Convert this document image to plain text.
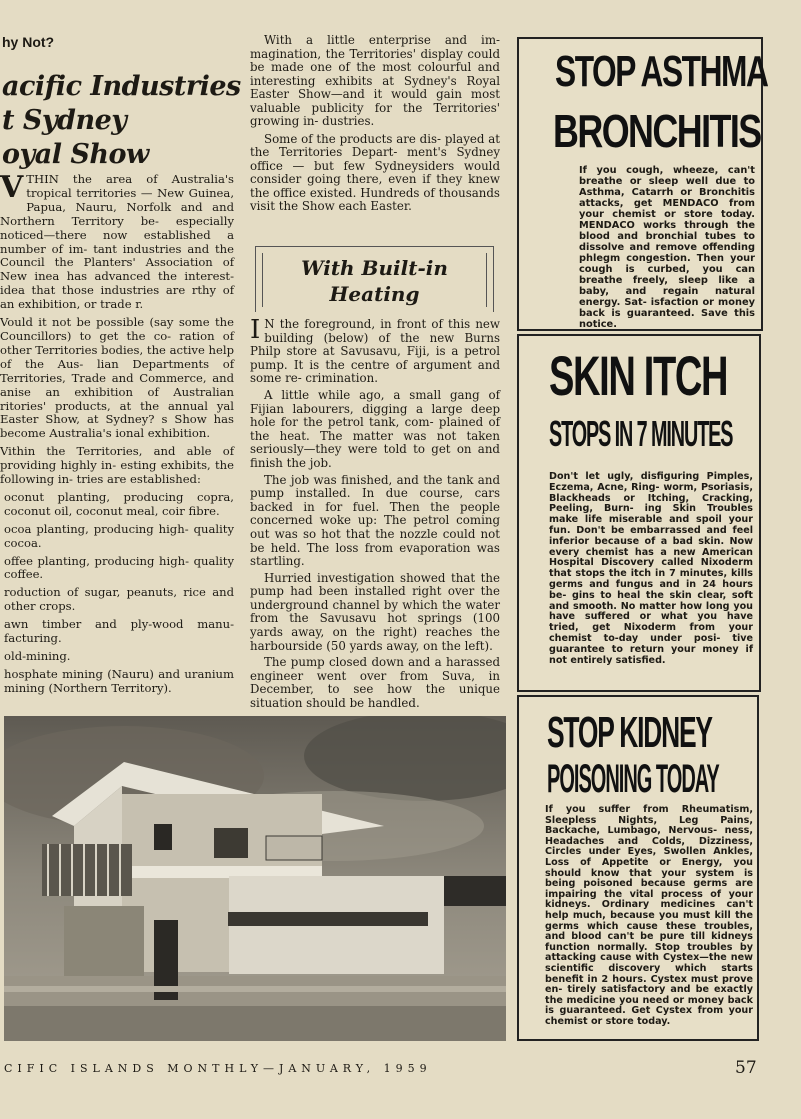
hy Not?
acific Industries
t Sydney
oyal Show

VTHIN the area of Australia's tropical territories — New Guinea, Papua, Nauru, Norfolk and and Northern Territory be- especially noticed—there now established a number of im- tant industries and the Council the Planters' Association of New inea has advanced the interest- idea that those industries are rthy of an exhibition, or trade r.

Vould it not be possible (say some the Councillors) to get the co- ration of other Territories bodies, the active help of the Aus- lian Departments of Territories, Trade and Commerce, and anise an exhibition of Australian ritories' products, at the annual yal Easter Show, at Sydney? s Show has become Australia's ional exhibition.

Vithin the Territories, and able of providing highly in- esting exhibits, the following in- tries are established:

oconut planting, producing copra, coconut oil, coconut meal, coir fibre.

ocoa planting, producing high- quality cocoa.

offee planting, producing high- quality coffee.

roduction of sugar, peanuts, rice and other crops.

awn timber and ply-wood manu- facturing.

old-mining.

hosphate mining (Nauru) and uranium mining (Northern Territory).

With a little enterprise and im- magination, the Territories' display could be made one of the most colourful and interesting exhibits at Sydney's Royal Easter Show—and it would gain most valuable publicity for the Territories' growing in- dustries.

Some of the products are dis- played at the Territories Depart- ment's Sydney office — but few Sydneysiders would consider going there, even if they knew the office existed. Hundreds of thousands visit the Show each Easter.

With Built-in
Heating

I N the foreground, in front of this new building (below) of the new Burns Philp store at Savusavu, Fiji, is a petrol pump. It is the centre of argument and some re- crimination.

A little while ago, a small gang of Fijian labourers, digging a large deep hole for the petrol tank, com- plained of the heat. The matter was not taken seriously—they were told to get on and finish the job.

The job was finished, and the tank and pump installed. In due course, cars backed in for fuel. Then the people concerned woke up: The petrol coming out was so hot that the nozzle could not be held. The loss from evaporation was startling.

Hurried investigation showed that the pump had been installed right over the underground channel by which the water from the Savusavu hot springs (100 yards away, on the right) reaches the harbourside (50 yards away, on the left).

The pump closed down and a harassed engineer went over from Suva, in December, to see how the unique situation should be handled.

STOP ASTHMA
BRONCHITIS
If you cough, wheeze, can't breathe or sleep well due to Asthma, Catarrh or Bronchitis attacks, get MENDACO from your chemist or store today. MENDACO works through the blood and bronchial tubes to dissolve and remove offending phlegm congestion. Then your cough is curbed, you can breathe freely, sleep like a baby, and regain natural energy. Sat- isfaction or money back is guaranteed. Save this notice.
SKIN ITCH
STOPS IN 7 MINUTES
Don't let ugly, disfiguring Pimples, Eczema, Acne, Ring- worm, Psoriasis, Blackheads or Itching, Cracking, Peeling, Burn- ing Skin Troubles make life miserable and spoil your fun. Don't be embarrassed and feel inferior because of a bad skin. Now every chemist has a new American Hospital Discovery called Nixoderm that stops the itch in 7 minutes, kills germs and fungus and in 24 hours be- gins to heal the skin clear, soft and smooth. No matter how long you have suffered or what you have tried, get Nixoderm from your chemist to-day under posi- tive guarantee to return your money if not entirely satisfied.
STOP KIDNEY
POISONING TODAY
If you suffer from Rheumatism, Sleepless Nights, Leg Pains, Backache, Lumbago, Nervous- ness, Headaches and Colds, Dizziness, Circles under Eyes, Swollen Ankles, Loss of Appetite or Energy, you should know that your system is being poisoned because germs are impairing the vital process of your kidneys. Ordinary medicines can't help much, because you must kill the germs which cause these troubles, and blood can't be pure till kidneys function normally. Stop troubles by attacking cause with Cystex—the new scientific discovery which starts benefit in 2 hours. Cystex must prove en- tirely satisfactory and be exactly the medicine you need or money back is guaranteed. Get Cystex from your chemist or store today.
CIFIC ISLANDS MONTHLY—JANUARY, 1959	57
